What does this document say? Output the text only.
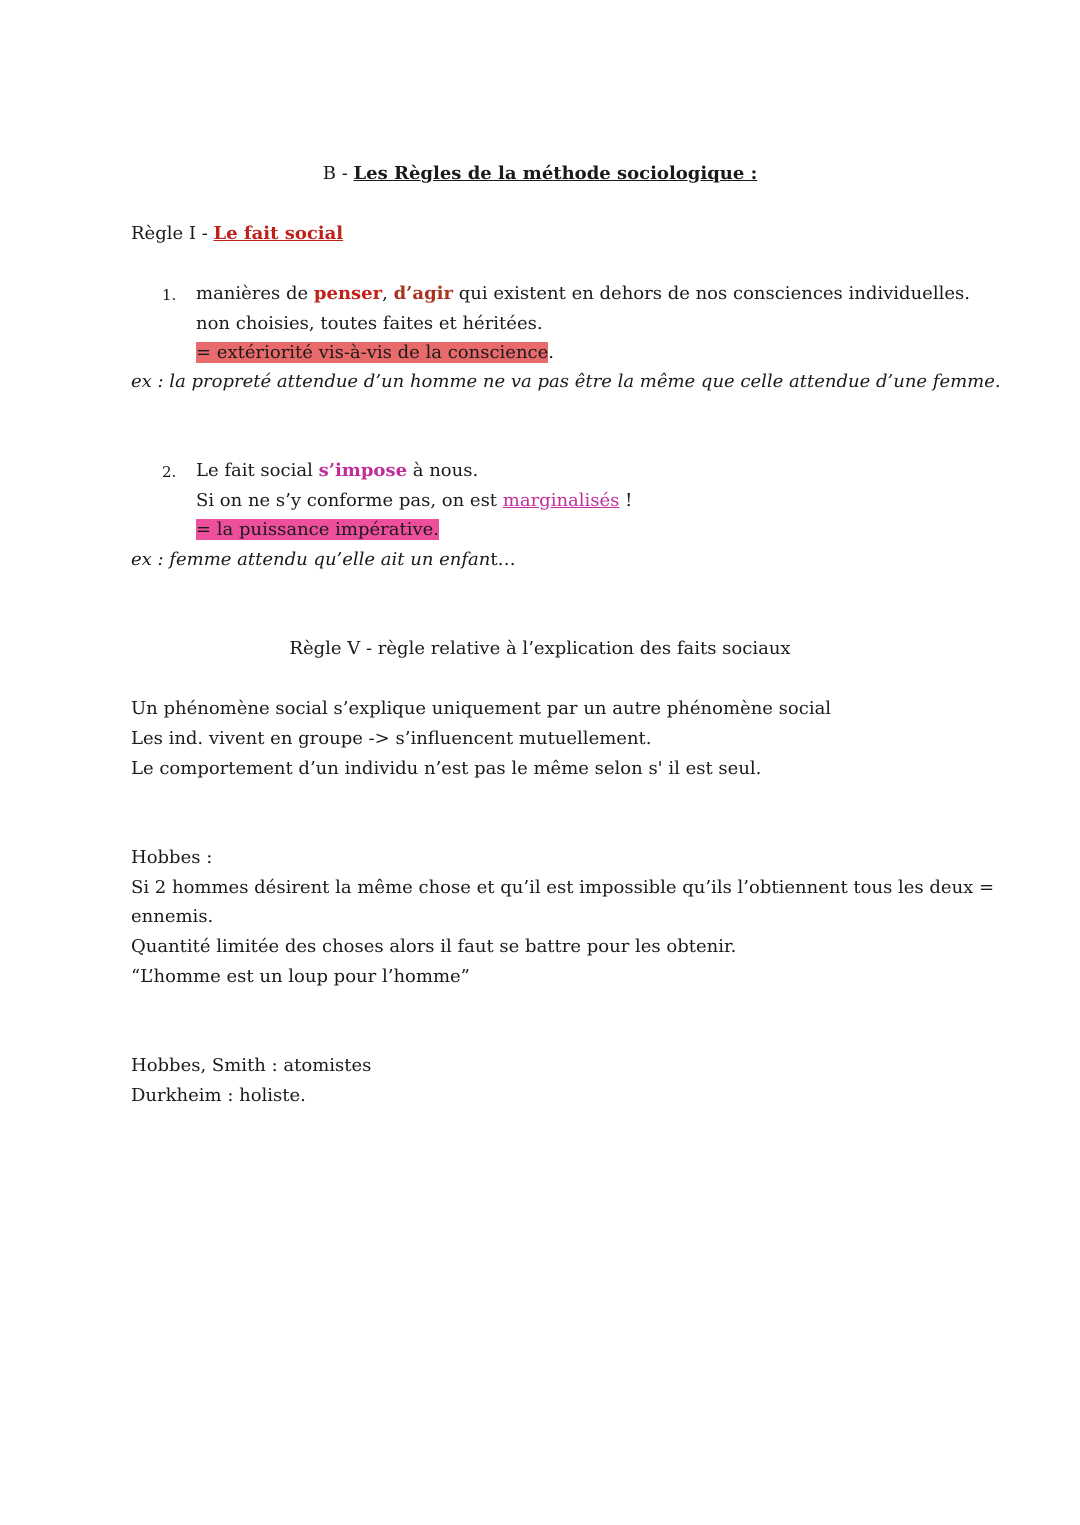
B - Les Règles de la méthode sociologique :
Règle I - Le fait social
1. manières de penser, d’agir qui existent en dehors de nos consciences individuelles.
non choisies, toutes faites et héritées.
= extériorité vis-à-vis de la conscience.
ex : la propreté attendue d’un homme ne va pas être la même que celle attendue d’une femme.
2. Le fait social s’impose à nous.
Si on ne s’y conforme pas, on est marginalisés !
= la puissance impérative.
ex : femme attendu qu’elle ait un enfant…
Règle V - règle relative à l’explication des faits sociaux
Un phénomène social s’explique uniquement par un autre phénomène social
Les ind. vivent en groupe -> s’influencent mutuellement.
Le comportement d’un individu n’est pas le même selon s' il est seul.
Hobbes :
Si 2 hommes désirent la même chose et qu’il est impossible qu’ils l’obtiennent tous les deux =
ennemis.
Quantité limitée des choses alors il faut se battre pour les obtenir.
“L’homme est un loup pour l’homme”
Hobbes, Smith : atomistes
Durkheim : holiste.
